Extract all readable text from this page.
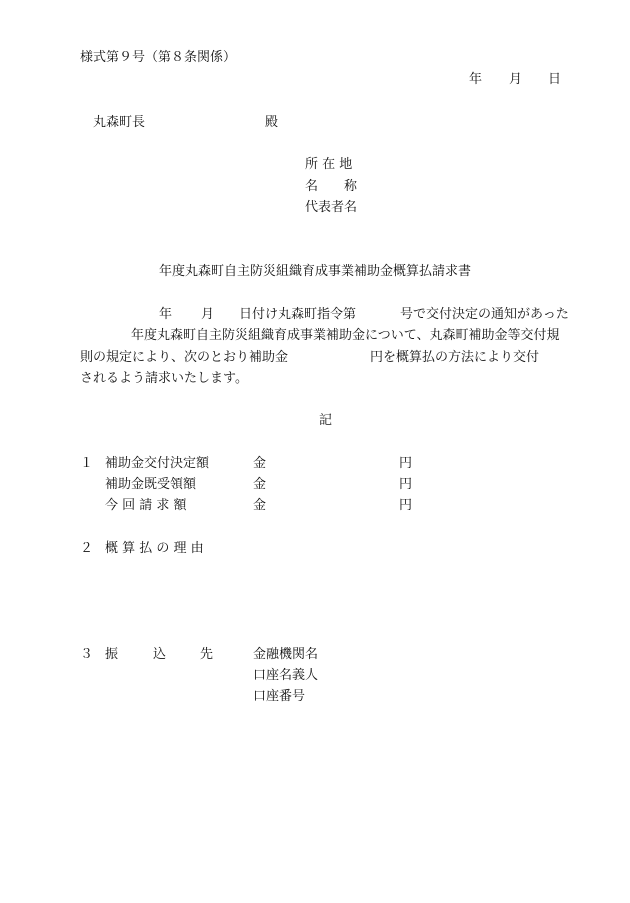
様式第９号（第８条関係）
年 月 日
丸森町長	殿
所 在 地
名　　称
代表者名
年度丸森町自主防災組織育成事業補助金概算払請求書
年 月 日付け丸森町指令第	号で交付決定の通知があった
年度丸森町自主防災組織育成事業補助金について、丸森町補助金等交付規
則の規定により、次のとおり補助金	円を概算払の方法により交付
されるよう請求いたします。
記
１ 補助金交付決定額	金	円
補助金既受領額	金	円
今 回 請 求 額	金	円
２ 概 算 払 の 理 由
３ 振	込	先	金融機関名
口座名義人
口座番号
